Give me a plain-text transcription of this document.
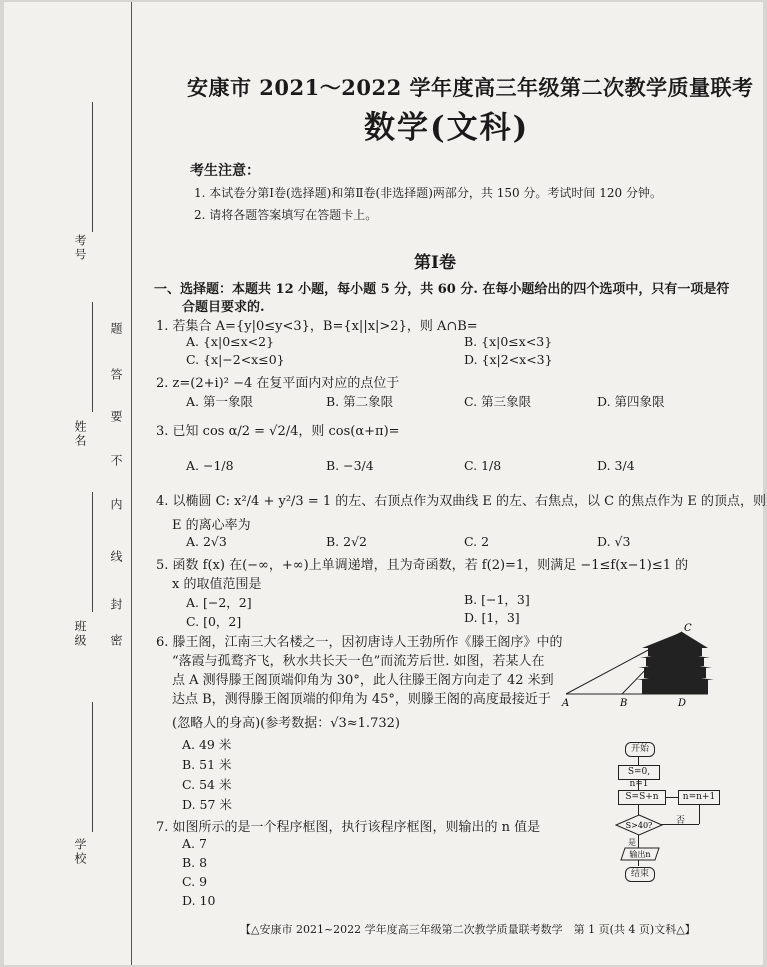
考号
姓名
班级
学校
题
答
要
不
内
线
封
密
安康市 2021～2022 学年度高三年级第二次教学质量联考
数学(文科)
考生注意：
1. 本试卷分第Ⅰ卷(选择题)和第Ⅱ卷(非选择题)两部分，共 150 分。考试时间 120 分钟。
2. 请将各题答案填写在答题卡上。
第Ⅰ卷
一、选择题：本题共 12 小题，每小题 5 分，共 60 分. 在每小题给出的四个选项中，只有一项是符
合题目要求的.
1. 若集合 A={y|0≤y<3}，B={x||x|>2}，则 A∩B=
A. {x|0≤x<2}	B. {x|0≤x<3}
C. {x|−2<x≤0}	D. {x|2<x<3}
2. z=(2+i)² −4 在复平面内对应的点位于
A. 第一象限	B. 第二象限	C. 第三象限	D. 第四象限
3. 已知 cos α/2 = √2/4，则 cos(α+π)=
A. −1/8	B. −3/4	C. 1/8	D. 3/4
4. 以椭圆 C: x²/4 + y²/3 = 1 的左、右顶点作为双曲线 E 的左、右焦点，以 C 的焦点作为 E 的顶点，则
E 的离心率为
A. 2√3	B. 2√2	C. 2	D. √3
5. 函数 f(x) 在(−∞，+∞)上单调递增，且为奇函数，若 f(2)=1，则满足 −1≤f(x−1)≤1 的
x 的取值范围是
A. [−2，2]	B. [−1，3]
C. [0，2]	D. [1，3]
6. 滕王阁，江南三大名楼之一，因初唐诗人王勃所作《滕王阁序》中的
“落霞与孤鹜齐飞，秋水共长天一色”而流芳后世. 如图，若某人在
点 A 测得滕王阁顶端仰角为 30°，此人往滕王阁方向走了 42 米到
达点 B，测得滕王阁顶端的仰角为 45°，则滕王阁的高度最接近于
(忽略人的身高)(参考数据：√3≈1.732)
A. 49 米
B. 51 米
C. 54 米
D. 57 米
A	B	D
C
7. 如图所示的是一个程序框图，执行该程序框图，则输出的 n 值是
A. 7
B. 8
C. 9
D. 10
开始
S=0, n=1
S=S+n	n=n+1
S>40?	否
是
输出n
结束
【△安康市 2021~2022 学年度高三年级第二次教学质量联考数学　第 1 页(共 4 页)文科△】
